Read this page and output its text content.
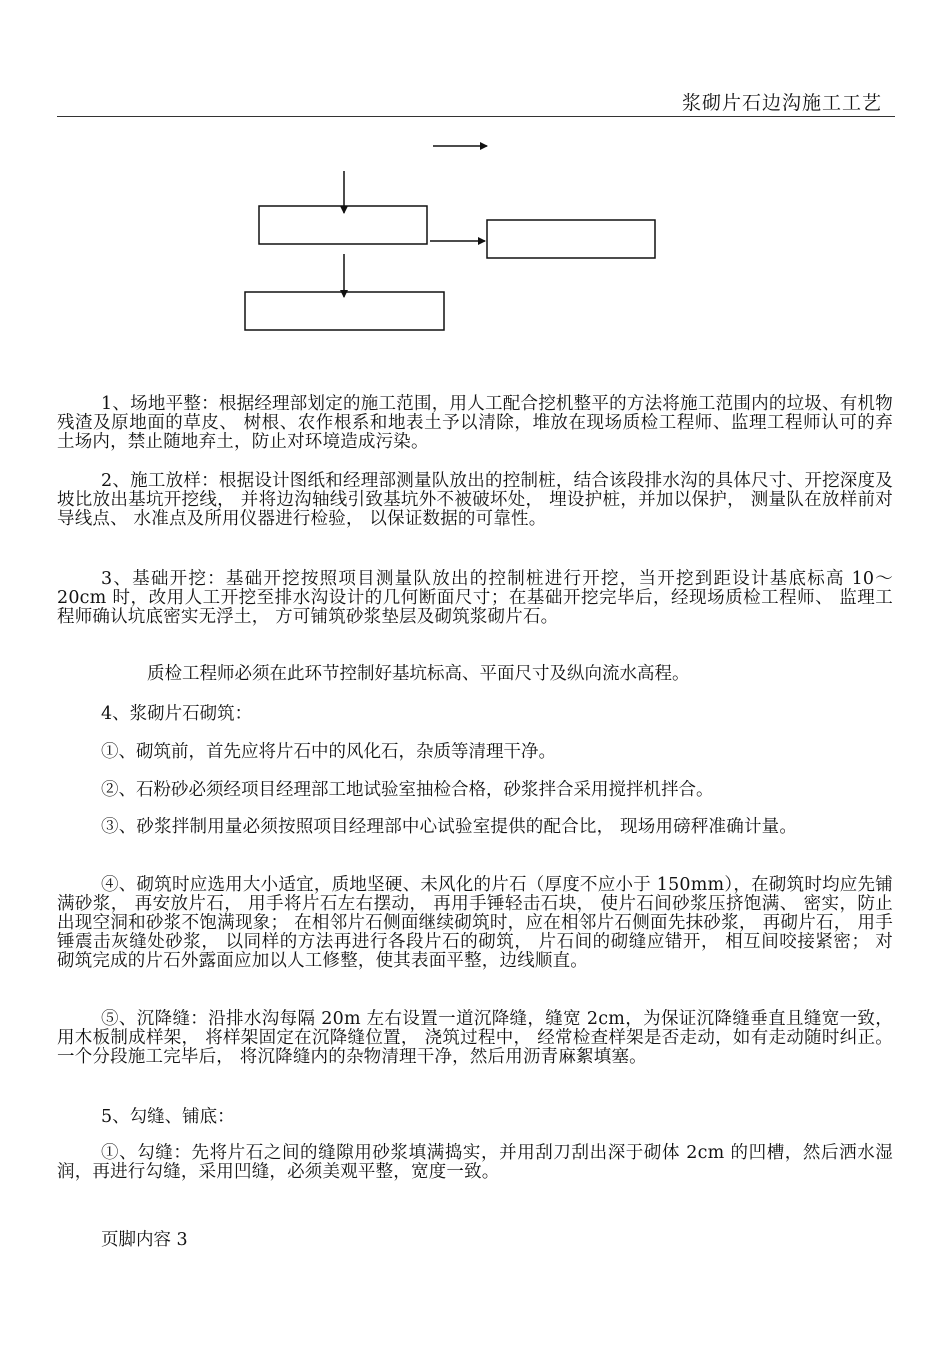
浆砌片石边沟施工工艺

1、场地平整：根据经理部划定的施工范围，用人工配合挖机整平的方法将施工范围内的垃圾、有机物残渣及原地面的草皮、 树根、农作根系和地表土予以清除，堆放在现场质检工程师、监理工程师认可的弃土场内，禁止随地弃土，防止对环境造成污染。

2、施工放样：根据设计图纸和经理部测量队放出的控制桩，结合该段排水沟的具体尺寸、开挖深度及坡比放出基坑开挖线， 并将边沟轴线引致基坑外不被破坏处， 埋设护桩，并加以保护， 测量队在放样前对导线点、 水准点及所用仪器进行检验， 以保证数据的可靠性。

3、基础开挖：基础开挖按照项目测量队放出的控制桩进行开挖，当开挖到距设计基底标高 10～20cm 时，改用人工开挖至排水沟设计的几何断面尺寸；在基础开挖完毕后，经现场质检工程师、 监理工程师确认坑底密实无浮土， 方可铺筑砂浆垫层及砌筑浆砌片石。

质检工程师必须在此环节控制好基坑标高、平面尺寸及纵向流水高程。
4、浆砌片石砌筑：
①、砌筑前，首先应将片石中的风化石，杂质等清理干净。
②、石粉砂必须经项目经理部工地试验室抽检合格，砂浆拌合采用搅拌机拌合。

③、砂浆拌制用量必须按照项目经理部中心试验室提供的配合比， 现场用磅秤准确计量。

④、砌筑时应选用大小适宜，质地坚硬、未风化的片石（厚度不应小于 150mm），在砌筑时均应先铺满砂浆， 再安放片石， 用手将片石左右摆动， 再用手锤轻击石块， 使片石间砂浆压挤饱满、 密实，防止出现空洞和砂浆不饱满现象； 在相邻片石侧面继续砌筑时，应在相邻片石侧面先抹砂浆， 再砌片石， 用手锤震击灰缝处砂浆， 以同样的方法再进行各段片石的砌筑， 片石间的砌缝应错开， 相互间咬接紧密； 对砌筑完成的片石外露面应加以人工修整，使其表面平整，边线顺直。

⑤、沉降缝：沿排水沟每隔 20m 左右设置一道沉降缝，缝宽 2cm，为保证沉降缝垂直且缝宽一致， 用木板制成样架， 将样架固定在沉降缝位置， 浇筑过程中， 经常检查样架是否走动，如有走动随时纠正。 一个分段施工完毕后， 将沉降缝内的杂物清理干净，然后用沥青麻絮填塞。

5、勾缝、铺底：

①、勾缝：先将片石之间的缝隙用砂浆填满捣实，并用刮刀刮出深于砌体 2cm 的凹槽，然后洒水湿润，再进行勾缝，采用凹缝，必须美观平整，宽度一致。

页脚内容 3
